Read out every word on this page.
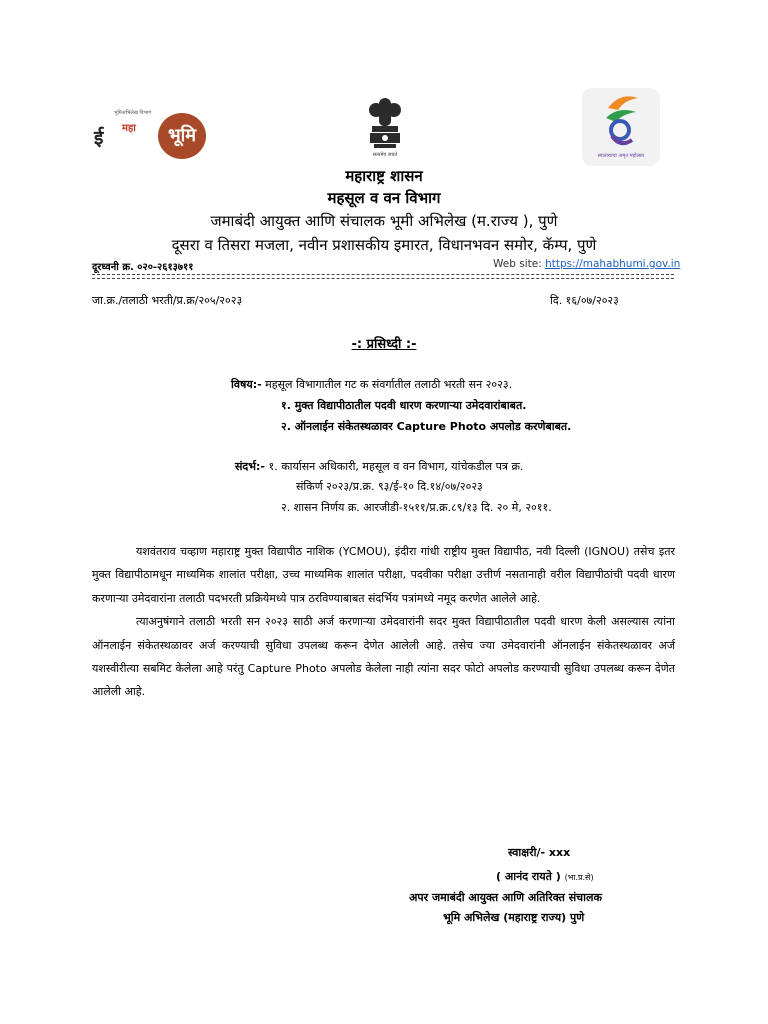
भूमिअभिलेख विभाग
ई महा	भूमि
सत्यमेव जयते	स्वातंत्र्याचा अमृत महोत्सव
महाराष्ट्र शासन
महसूल व वन विभाग
जमाबंदी आयुक्त आणि संचालक भूमी अभिलेख (म.राज्य ), पुणे
दूसरा व तिसरा मजला, नवीन प्रशासकीय इमारत, विधानभवन समोर, कॅम्प, पुणे
दूरध्वनी क्र. ०२०-२६१३७११	Web site: https://mahabhumi.gov.in
जा.क्र./तलाठी भरती/प्र.क्र/२०५/२०२३	दि. १६/०७/२०२३
-: प्रसिध्दी :-
विषय:- महसूल विभागातील गट क संवर्गातील तलाठी भरती सन २०२३.
१. मुक्त विद्यापीठातील पदवी धारण करणाऱ्या उमेदवारांबाबत.
२. ऑनलाईन संकेतस्थळावर Capture Photo अपलोड करणेबाबत.
संदर्भ:- १. कार्यासन अधिकारी, महसूल व वन विभाग, यांचेकडील पत्र क्र.
संकिर्ण २०२३/प्र.क्र. ९३/ई-१० दि.१४/०७/२०२३
२. शासन निर्णय क्र. आरजीडी-१५११/प्र.क्र.८९/१३ दि. २० मे, २०११.

यशवंतराव चव्हाण महाराष्ट्र मुक्त विद्यापीठ नाशिक (YCMOU), इंदीरा गांधी राष्ट्रीय मुक्त विद्यापीठ, नवी दिल्ली (IGNOU) तसेच इतर मुक्त विद्यापीठामधून माध्यमिक शालांत परीक्षा, उच्च माध्यमिक शालांत परीक्षा, पदवीका परीक्षा उत्तीर्ण नसतानाही वरील विद्यापीठांची पदवी धारण करणाऱ्या उमेदवारांना तलाठी पदभरती प्रक्रियेमध्ये पात्र ठरविण्याबाबत संदर्भिय पत्रांमध्ये नमूद करणेत आलेले आहे.

त्याअनुषंगाने तलाठी भरती सन २०२३ साठी अर्ज करणाऱ्या उमेदवारांनी सदर मुक्त विद्यापीठातील पदवी धारण केली असल्यास त्यांना ऑनलाईन संकेतस्थळावर अर्ज करण्याची सुविधा उपलब्ध करून देणेत आलेली आहे. तसेच ज्या उमेदवारांनी ऑनलाईन संकेतस्थळावर अर्ज यशस्वीरीत्या सबमिट केलेला आहे परंतु Capture Photo अपलोड केलेला नाही त्यांना सदर फोटो अपलोड करण्याची सुविधा उपलब्ध करून देणेत आलेली आहे.

स्वाक्षरी/- xxx
( आनंद रायते ) (भा.प्र.से)
अपर जमाबंदी आयुक्त आणि अतिरिक्त संचालक
भूमि अभिलेख (महाराष्ट्र राज्य) पुणे
